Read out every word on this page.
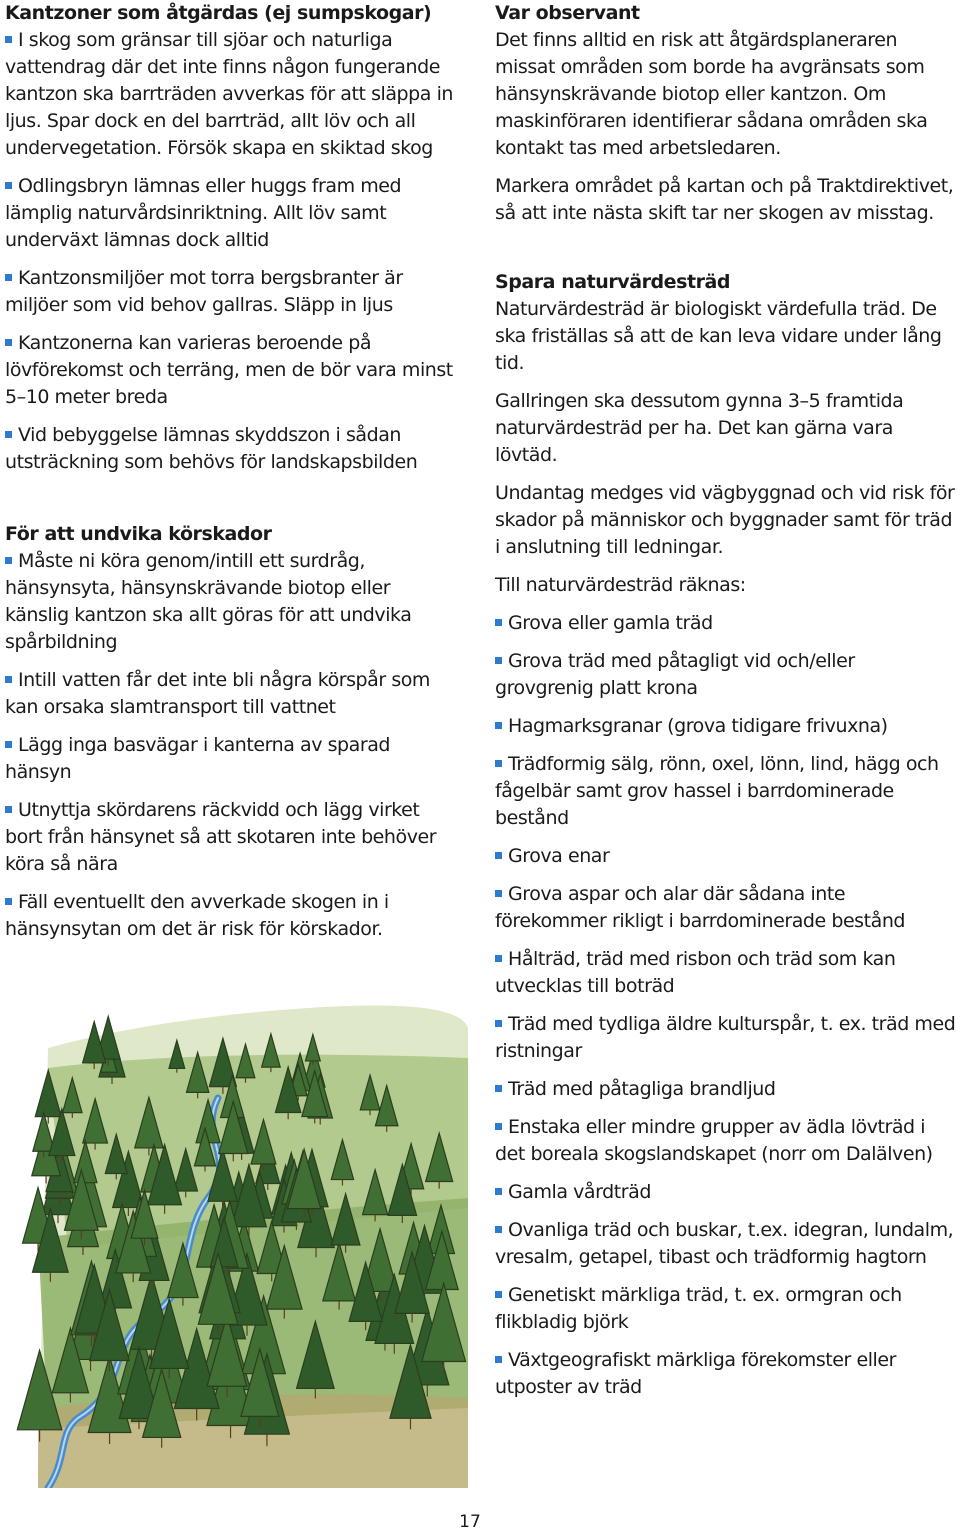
Kantzoner som åtgärdas (ej sumpskogar)

I skog som gränsar till sjöar och naturliga vattendrag där det inte finns någon fungerande kantzon ska barrträden avverkas för att släppa in ljus. Spar dock en del barrträd, allt löv och all undervegetation. Försök skapa en skiktad skog

Odlingsbryn lämnas eller huggs fram med lämplig naturvårdsinriktning. Allt löv samt underväxt lämnas dock alltid

Kantzonsmiljöer mot torra bergsbranter är miljöer som vid behov gallras. Släpp in ljus

Kantzonerna kan varieras beroende på lövförekomst och terräng, men de bör vara minst 5–10 meter breda

Vid bebyggelse lämnas skyddszon i sådan utsträckning som behövs för landskapsbilden

För att undvika körskador

Måste ni köra genom/intill ett surdråg, hänsynsyta, hänsynskrävande biotop eller känslig kantzon ska allt göras för att undvika spårbildning

Intill vatten får det inte bli några körspår som kan orsaka slamtransport till vattnet

Lägg inga basvägar i kanterna av sparad hänsyn

Utnyttja skördarens räckvidd och lägg virket bort från hänsynet så att skotaren inte behöver köra så nära

Fäll eventuellt den avverkade skogen in i hänsynsytan om det är risk för körskador.

Var observant

Det finns alltid en risk att åtgärdsplaneraren missat områden som borde ha avgränsats som hänsynskrävande biotop eller kantzon. Om maskinföraren identifierar sådana områden ska kontakt tas med arbetsledaren.

Markera området på kartan och på Traktdirektivet, så att inte nästa skift tar ner skogen av misstag.

Spara naturvärdesträd

Naturvärdesträd är biologiskt värdefulla träd. De ska friställas så att de kan leva vidare under lång tid.

Gallringen ska dessutom gynna 3–5 framtida naturvärdesträd per ha. Det kan gärna vara lövtäd.

Undantag medges vid vägbyggnad och vid risk för skador på människor och byggnader samt för träd i anslutning till ledningar.

Till naturvärdesträd räknas:

Grova eller gamla träd

Grova träd med påtagligt vid och/eller grovgrenig platt krona

Hagmarksgranar (grova tidigare frivuxna)

Trädformig sälg, rönn, oxel, lönn, lind, hägg och fågelbär samt grov hassel i barrdominerade bestånd

Grova enar

Grova aspar och alar där sådana inte förekommer rikligt i barrdominerade bestånd

Hålträd, träd med risbon och träd som kan utvecklas till boträd

Träd med tydliga äldre kulturspår, t. ex. träd med ristningar

Träd med påtagliga brandljud

Enstaka eller mindre grupper av ädla lövträd i det boreala skogslandskapet (norr om Dalälven)

Gamla vårdträd

Ovanliga träd och buskar, t.ex. idegran, lundalm, vresalm, getapel, tibast och trädformig hagtorn

Genetiskt märkliga träd, t. ex. ormgran och flikbladig björk

Växtgeografiskt märkliga förekomster eller utposter av träd

17
